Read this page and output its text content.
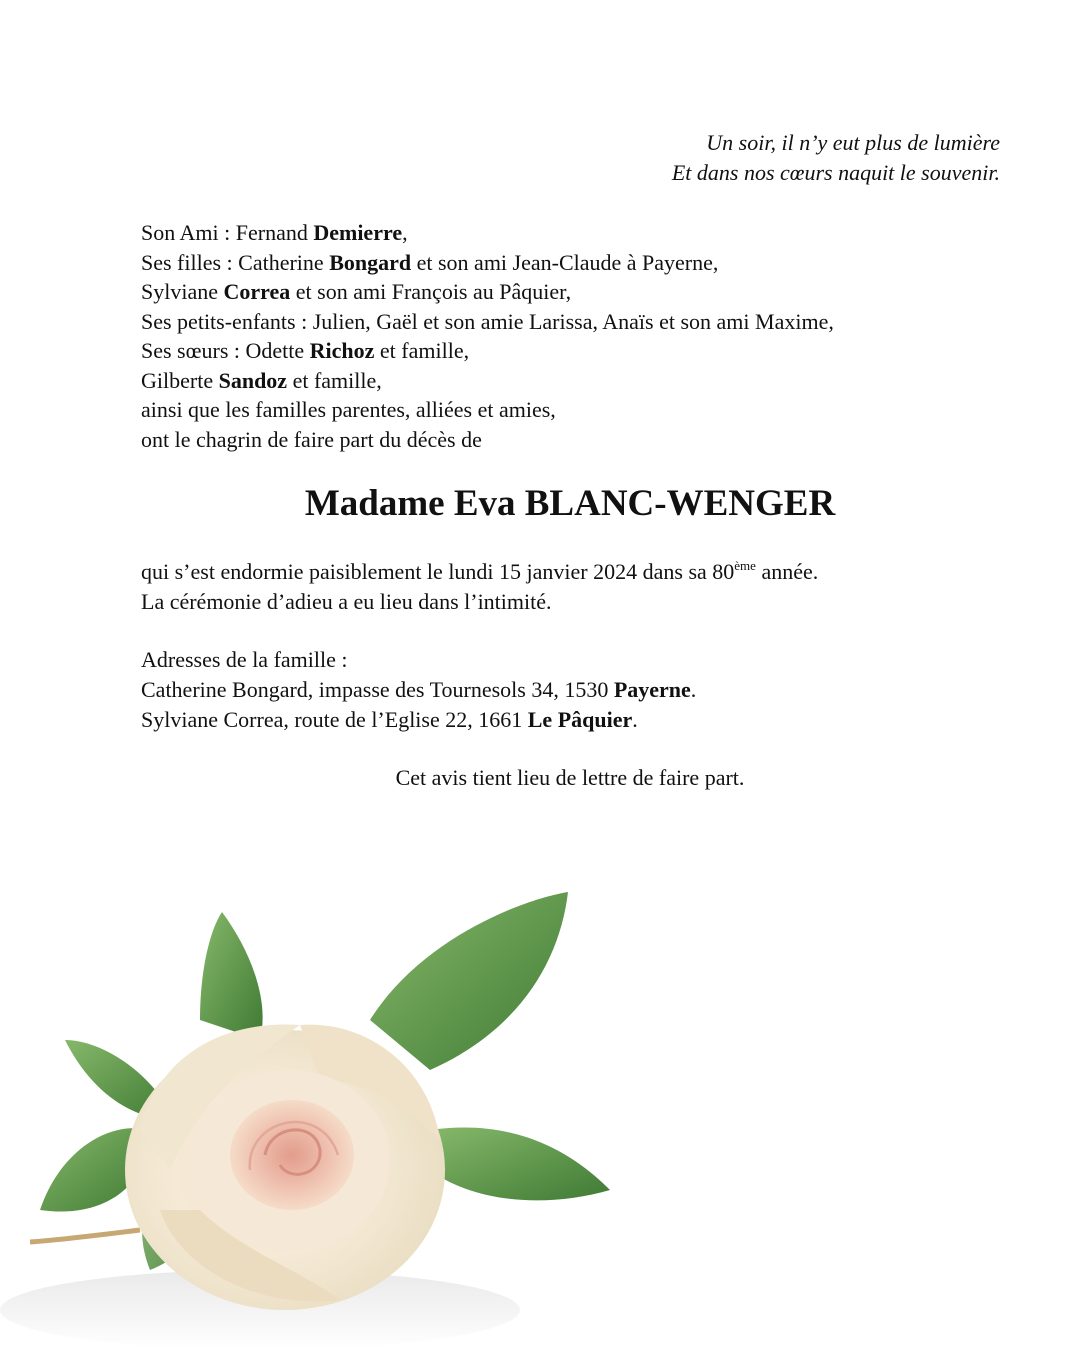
Un soir, il n’y eut plus de lumière
Et dans nos cœurs naquit le souvenir.
Son Ami : Fernand Demierre,
Ses filles : Catherine Bongard et son ami Jean-Claude à Payerne,
Sylviane Correa et son ami François au Pâquier,
Ses petits-enfants : Julien, Gaël et son amie Larissa, Anaïs et son ami Maxime,
Ses sœurs : Odette Richoz et famille,
Gilberte Sandoz et famille,
ainsi que les familles parentes, alliées et amies,
ont le chagrin de faire part du décès de
Madame Eva BLANC-WENGER
qui s’est endormie paisiblement le lundi 15 janvier 2024 dans sa 80ème année.
La cérémonie d’adieu a eu lieu dans l’intimité.
Adresses de la famille :
Catherine Bongard, impasse des Tournesols 34, 1530 Payerne.
Sylviane Correa, route de l’Eglise 22, 1661 Le Pâquier.
Cet avis tient lieu de lettre de faire part.
